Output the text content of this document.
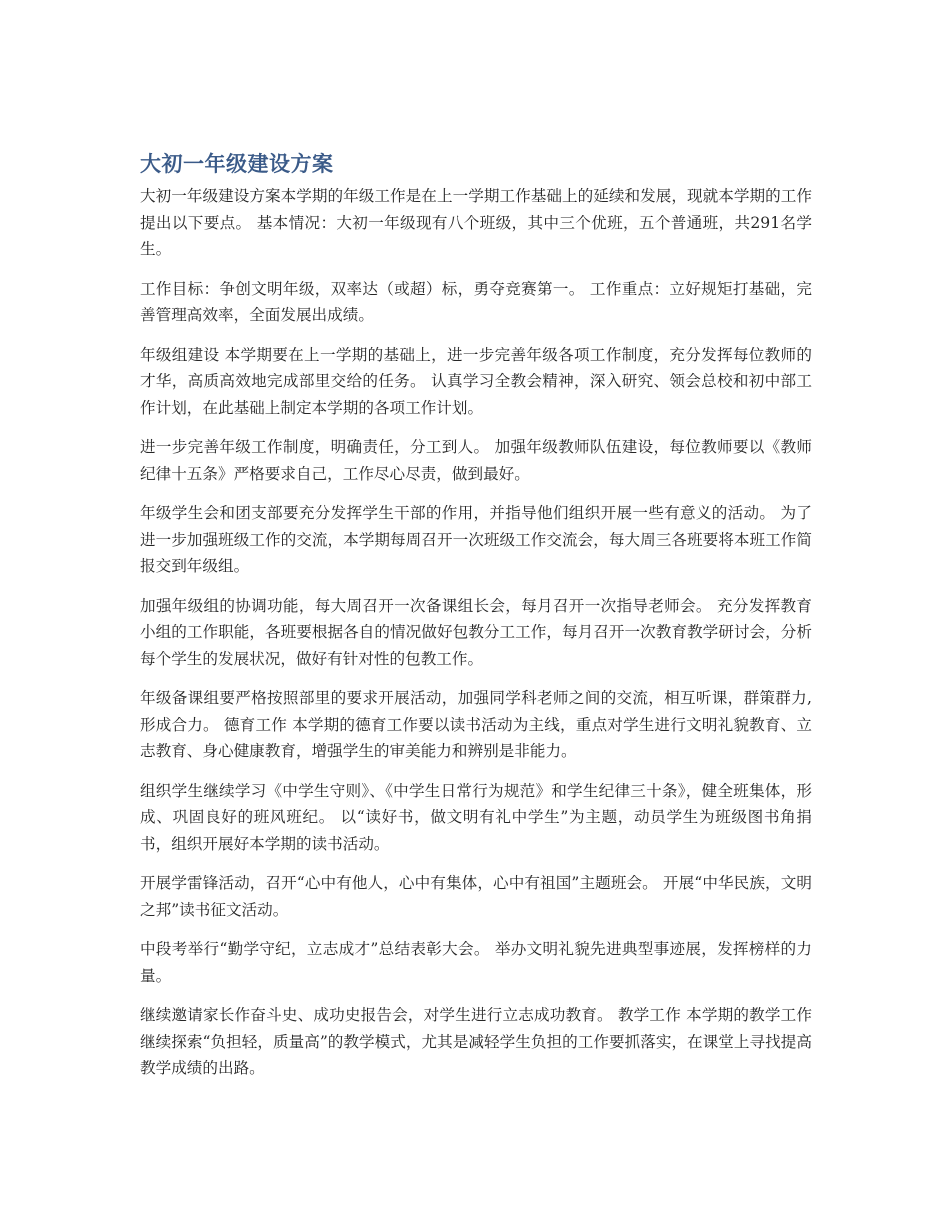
大初一年级建设方案

大初一年级建设方案本学期的年级工作是在上一学期工作基础上的延续和发展，现就本学期的工作提出以下要点。 基本情况：大初一年级现有八个班级，其中三个优班，五个普通班，共291名学生。

工作目标：争创文明年级，双率达（或超）标，勇夺竞赛第一。 工作重点：立好规矩打基础，完善管理高效率，全面发展出成绩。

年级组建设 本学期要在上一学期的基础上，进一步完善年级各项工作制度，充分发挥每位教师的才华，高质高效地完成部里交给的任务。 认真学习全教会精神，深入研究、领会总校和初中部工作计划，在此基础上制定本学期的各项工作计划。

进一步完善年级工作制度，明确责任，分工到人。 加强年级教师队伍建设，每位教师要以《教师纪律十五条》严格要求自己，工作尽心尽责，做到最好。

年级学生会和团支部要充分发挥学生干部的作用，并指导他们组织开展一些有意义的活动。 为了进一步加强班级工作的交流，本学期每周召开一次班级工作交流会，每大周三各班要将本班工作简报交到年级组。

加强年级组的协调功能，每大周召开一次备课组长会，每月召开一次指导老师会。 充分发挥教育小组的工作职能，各班要根据各自的情况做好包教分工工作，每月召开一次教育教学研讨会，分析每个学生的发展状况，做好有针对性的包教工作。

年级备课组要严格按照部里的要求开展活动，加强同学科老师之间的交流，相互听课，群策群力,形成合力。 德育工作 本学期的德育工作要以读书活动为主线，重点对学生进行文明礼貌教育、立志教育、身心健康教育，增强学生的审美能力和辨别是非能力。

组织学生继续学习《中学生守则》、《中学生日常行为规范》和学生纪律三十条》，健全班集体，形成、巩固良好的班风班纪。 以“读好书，做文明有礼中学生”为主题，动员学生为班级图书角捐书，组织开展好本学期的读书活动。

开展学雷锋活动，召开“心中有他人，心中有集体，心中有祖国”主题班会。 开展“中华民族，文明之邦”读书征文活动。

中段考举行“勤学守纪，立志成才”总结表彰大会。 举办文明礼貌先进典型事迹展，发挥榜样的力量。

继续邀请家长作奋斗史、成功史报告会，对学生进行立志成功教育。 教学工作 本学期的教学工作继续探索“负担轻，质量高”的教学模式，尤其是减轻学生负担的工作要抓落实，在课堂上寻找提高教学成绩的出路。
